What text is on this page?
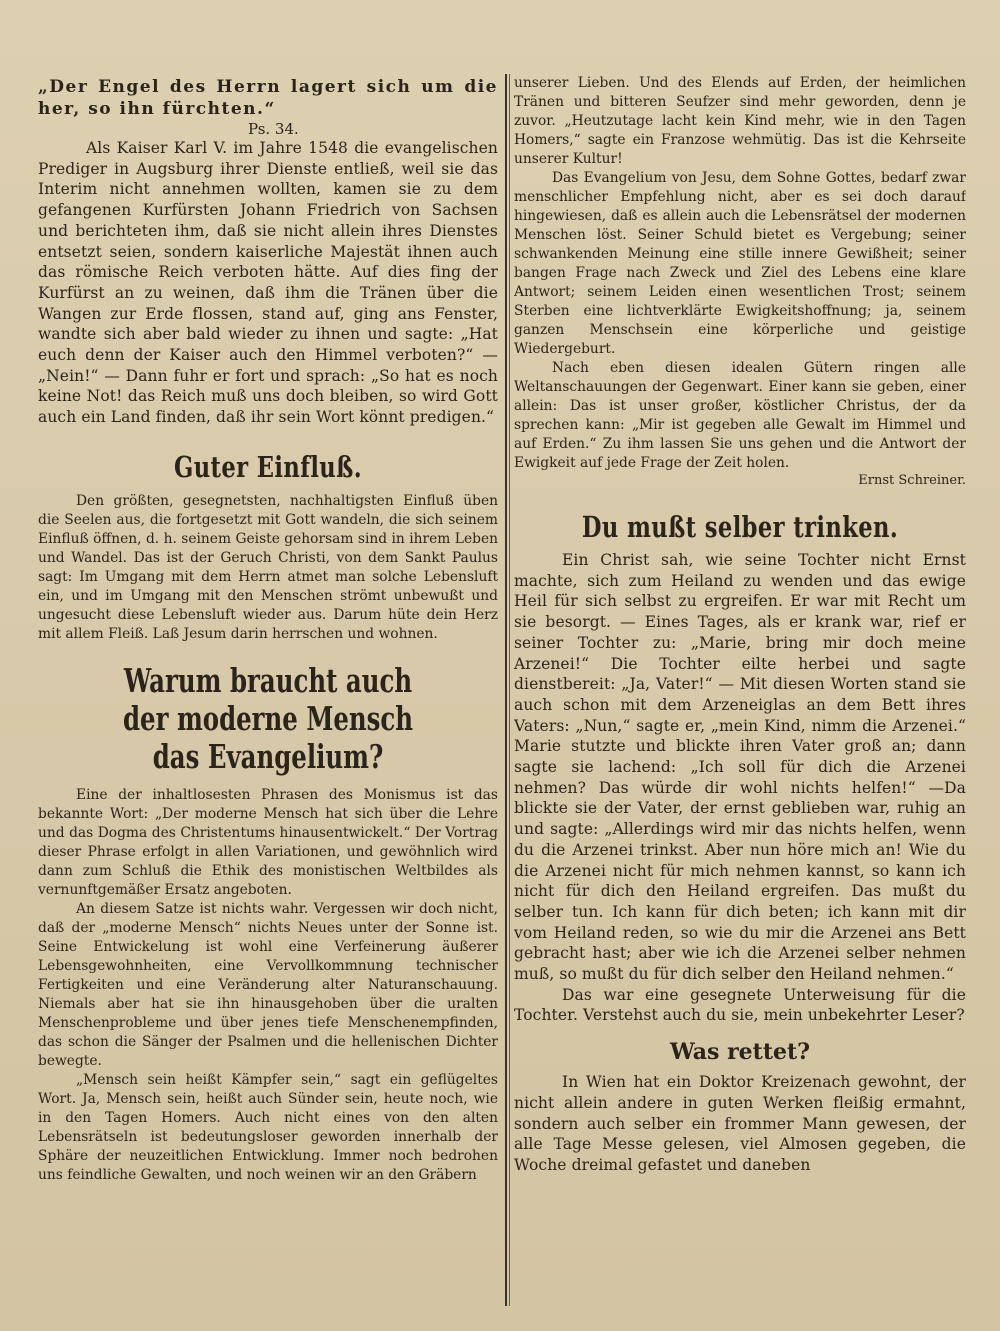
„Der Engel des Herrn lagert sich um die her, so ihn fürchten.“

Ps. 34.

Als Kaiser Karl V. im Jahre 1548 die evangelischen Prediger in Augsburg ihrer Dienste entließ, weil sie das Interim nicht annehmen wollten, kamen sie zu dem gefangenen Kurfürsten Johann Friedrich von Sachsen und berichteten ihm, daß sie nicht allein ihres Dienstes entsetzt seien, sondern kaiserliche Majestät ihnen auch das römische Reich verboten hätte. Auf dies fing der Kurfürst an zu weinen, daß ihm die Tränen über die Wangen zur Erde flossen, stand auf, ging ans Fenster, wandte sich aber bald wieder zu ihnen und sagte: „Hat euch denn der Kaiser auch den Himmel verboten?“ — „Nein!“ — Dann fuhr er fort und sprach: „So hat es noch keine Not! das Reich muß uns doch bleiben, so wird Gott auch ein Land finden, daß ihr sein Wort könnt predigen.“

Guter Einfluß.

Den größten, gesegnetsten, nachhaltigsten Einfluß üben die Seelen aus, die fortgesetzt mit Gott wandeln, die sich seinem Einfluß öffnen, d. h. seinem Geiste gehorsam sind in ihrem Leben und Wandel. Das ist der Geruch Christi, von dem Sankt Paulus sagt: Im Umgang mit dem Herrn atmet man solche Lebensluft ein, und im Umgang mit den Menschen strömt unbewußt und ungesucht diese Lebensluft wieder aus. Darum hüte dein Herz mit allem Fleiß. Laß Jesum darin herrschen und wohnen.

Warum braucht auch der moderne Mensch das Evangelium?

Eine der inhaltlosesten Phrasen des Monismus ist das bekannte Wort: „Der moderne Mensch hat sich über die Lehre und das Dogma des Christentums hinausentwickelt.“ Der Vortrag dieser Phrase erfolgt in allen Variationen, und gewöhnlich wird dann zum Schluß die Ethik des monistischen Weltbildes als vernunftgemäßer Ersatz angeboten.

An diesem Satze ist nichts wahr. Vergessen wir doch nicht, daß der „moderne Mensch“ nichts Neues unter der Sonne ist. Seine Entwickelung ist wohl eine Verfeinerung äußerer Lebensgewohnheiten, eine Vervollkommnung technischer Fertigkeiten und eine Veränderung alter Naturanschauung. Niemals aber hat sie ihn hinausgehoben über die uralten Menschenprobleme und über jenes tiefe Menschenempfinden, das schon die Sänger der Psalmen und die hellenischen Dichter bewegte.

„Mensch sein heißt Kämpfer sein,“ sagt ein geflügeltes Wort. Ja, Mensch sein, heißt auch Sünder sein, heute noch, wie in den Tagen Homers. Auch nicht eines von den alten Lebensrätseln ist bedeutungsloser geworden innerhalb der Sphäre der neuzeitlichen Entwicklung. Immer noch bedrohen uns feindliche Gewalten, und noch weinen wir an den Gräbern

unserer Lieben. Und des Elends auf Erden, der heimlichen Tränen und bitteren Seufzer sind mehr geworden, denn je zuvor. „Heutzutage lacht kein Kind mehr, wie in den Tagen Homers,“ sagte ein Franzose wehmütig. Das ist die Kehrseite unserer Kultur!

Das Evangelium von Jesu, dem Sohne Gottes, bedarf zwar menschlicher Empfehlung nicht, aber es sei doch darauf hingewiesen, daß es allein auch die Lebensrätsel der modernen Menschen löst. Seiner Schuld bietet es Vergebung; seiner schwankenden Meinung eine stille innere Gewißheit; seiner bangen Frage nach Zweck und Ziel des Lebens eine klare Antwort; seinem Leiden einen wesentlichen Trost; seinem Sterben eine lichtverklärte Ewigkeitshoffnung; ja, seinem ganzen Menschsein eine körperliche und geistige Wiedergeburt.

Nach eben diesen idealen Gütern ringen alle Weltanschauungen der Gegenwart. Einer kann sie geben, einer allein: Das ist unser großer, köstlicher Christus, der da sprechen kann: „Mir ist gegeben alle Gewalt im Himmel und auf Erden.“ Zu ihm lassen Sie uns gehen und die Antwort der Ewigkeit auf jede Frage der Zeit holen.

Ernst Schreiner.
Du mußt selber trinken.

Ein Christ sah, wie seine Tochter nicht Ernst machte, sich zum Heiland zu wenden und das ewige Heil für sich selbst zu ergreifen. Er war mit Recht um sie besorgt. — Eines Tages, als er krank war, rief er seiner Tochter zu: „Marie, bring mir doch meine Arzenei!“ Die Tochter eilte herbei und sagte dienstbereit: „Ja, Vater!“ — Mit diesen Worten stand sie auch schon mit dem Arzeneiglas an dem Bett ihres Vaters: „Nun,“ sagte er, „mein Kind, nimm die Arzenei.“ Marie stutzte und blickte ihren Vater groß an; dann sagte sie lachend: „Ich soll für dich die Arzenei nehmen? Das würde dir wohl nichts helfen!“ —Da blickte sie der Vater, der ernst geblieben war, ruhig an und sagte: „Allerdings wird mir das nichts helfen, wenn du die Arzenei trinkst. Aber nun höre mich an! Wie du die Arzenei nicht für mich nehmen kannst, so kann ich nicht für dich den Heiland ergreifen. Das mußt du selber tun. Ich kann für dich beten; ich kann mit dir vom Heiland reden, so wie du mir die Arzenei ans Bett gebracht hast; aber wie ich die Arzenei selber nehmen muß, so mußt du für dich selber den Heiland nehmen.“

Das war eine gesegnete Unterweisung für die Tochter. Verstehst auch du sie, mein unbekehrter Leser?

Was rettet?

In Wien hat ein Doktor Kreizenach gewohnt, der nicht allein andere in guten Werken fleißig ermahnt, sondern auch selber ein frommer Mann gewesen, der alle Tage Messe gelesen, viel Almosen gegeben, die Woche dreimal gefastet und daneben
